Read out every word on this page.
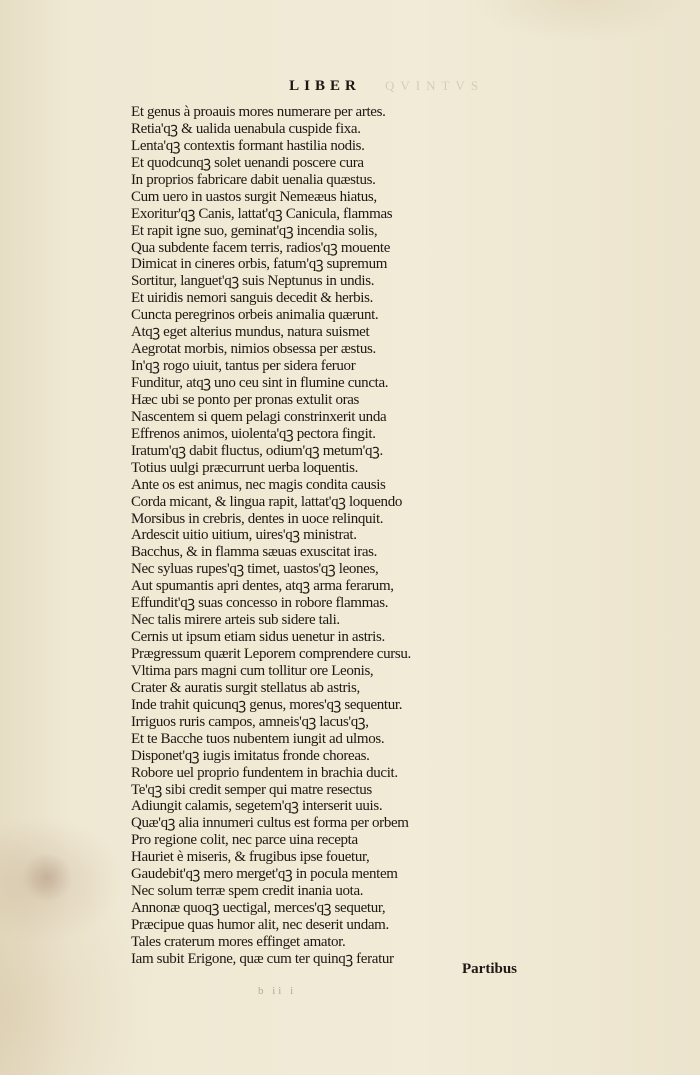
QVINTVS
LIBER
Et genus à proauis mores numerare per artes.
Retia'qꝫ & ualida uenabula cuspide fixa.
Lenta'qꝫ contextis formant hastilia nodis.
Et quodcunqꝫ solet uenandi poscere cura
In proprios fabricare dabit uenalia quæstus.
Cum uero in uastos surgit Nemeæus hiatus,
Exoritur'qꝫ Canis, lattat'qꝫ Canicula, flammas
Et rapit igne suo, geminat'qꝫ incendia solis,
Qua subdente facem terris, radios'qꝫ mouente
Dimicat in cineres orbis, fatum'qꝫ supremum
Sortitur, languet'qꝫ suis Neptunus in undis.
Et uiridis nemori sanguis decedit & herbis.
Cuncta peregrinos orbeis animalia quærunt.
Atqꝫ eget alterius mundus, natura suismet
Aegrotat morbis, nimios obsessa per æstus.
In'qꝫ rogo uiuit, tantus per sidera feruor
Funditur, atqꝫ uno ceu sint in flumine cuncta.
Hæc ubi se ponto per pronas extulit oras
Nascentem si quem pelagi constrinxerit unda
Effrenos animos, uiolenta'qꝫ pectora fingit.
Iratum'qꝫ dabit fluctus, odium'qꝫ metum'qꝫ.
Totius uulgi præcurrunt uerba loquentis.
Ante os est animus, nec magis condita causis
Corda micant, & lingua rapit, lattat'qꝫ loquendo
Morsibus in crebris, dentes in uoce relinquit.
Ardescit uitio uitium, uires'qꝫ ministrat.
Bacchus, & in flamma sæuas exuscitat iras.
Nec syluas rupes'qꝫ timet, uastos'qꝫ leones,
Aut spumantis apri dentes, atqꝫ arma ferarum,
Effundit'qꝫ suas concesso in robore flammas.
Nec talis mirere arteis sub sidere tali.
Cernis ut ipsum etiam sidus uenetur in astris.
Prægressum quærit Leporem comprendere cursu.
Vltima pars magni cum tollitur ore Leonis,
Crater & auratis surgit stellatus ab astris,
Inde trahit quicunqꝫ genus, mores'qꝫ sequentur.
Irriguos ruris campos, amneis'qꝫ lacus'qꝫ,
Et te Bacche tuos nubentem iungit ad ulmos.
Disponet'qꝫ iugis imitatus fronde choreas.
Robore uel proprio fundentem in brachia ducit.
Te'qꝫ sibi credit semper qui matre resectus
Adiungit calamis, segetem'qꝫ interserit uuis.
Quæ'qꝫ alia innumeri cultus est forma per orbem
Pro regione colit, nec parce uina recepta
Hauriet è miseris, & frugibus ipse fouetur,
Gaudebit'qꝫ mero merget'qꝫ in pocula mentem
Nec solum terræ spem credit inania uota.
Annonæ quoqꝫ uectigal, merces'qꝫ sequetur,
Præcipue quas humor alit, nec deserit undam.
Tales craterum mores effinget amator.
Iam subit Erigone, quæ cum ter quinqꝫ feratur
Partibus
b ii i
